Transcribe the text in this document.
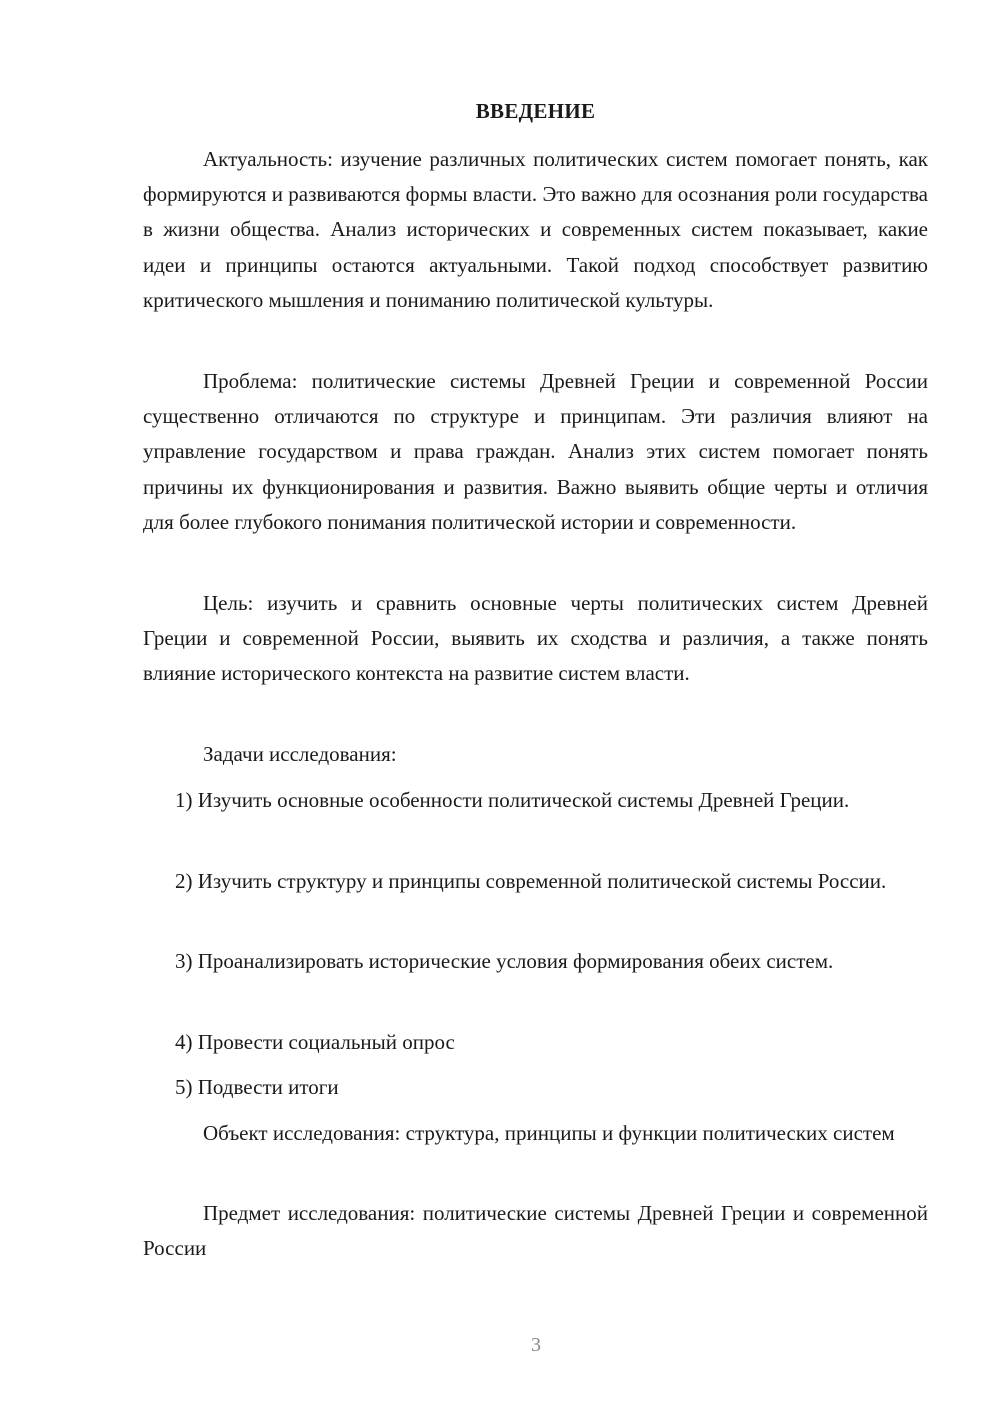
ВВЕДЕНИЕ

Актуальность: изучение различных политических систем помогает понять, как формируются и развиваются формы власти. Это важно для осознания роли государства в жизни общества. Анализ исторических и современных систем показывает, какие идеи и принципы остаются актуальными. Такой подход способствует развитию критического мышления и пониманию политической культуры.

Проблема: политические системы Древней Греции и современной России существенно отличаются по структуре и принципам. Эти различия влияют на управление государством и права граждан. Анализ этих систем помогает понять причины их функционирования и развития. Важно выявить общие черты и отличия для более глубокого понимания политической истории и современности.

Цель: изучить и сравнить основные черты политических систем Древней Греции и современной России, выявить их сходства и различия, а также понять влияние исторического контекста на развитие систем власти.

Задачи исследования:

1) Изучить основные особенности политической системы Древней Греции.

2) Изучить структуру и принципы современной политической системы России.

3) Проанализировать исторические условия формирования обеих систем.

4) Провести социальный опрос

5) Подвести итоги

Объект исследования: структура, принципы и функции политических систем

Предмет исследования: политические системы Древней Греции и современной России

3
